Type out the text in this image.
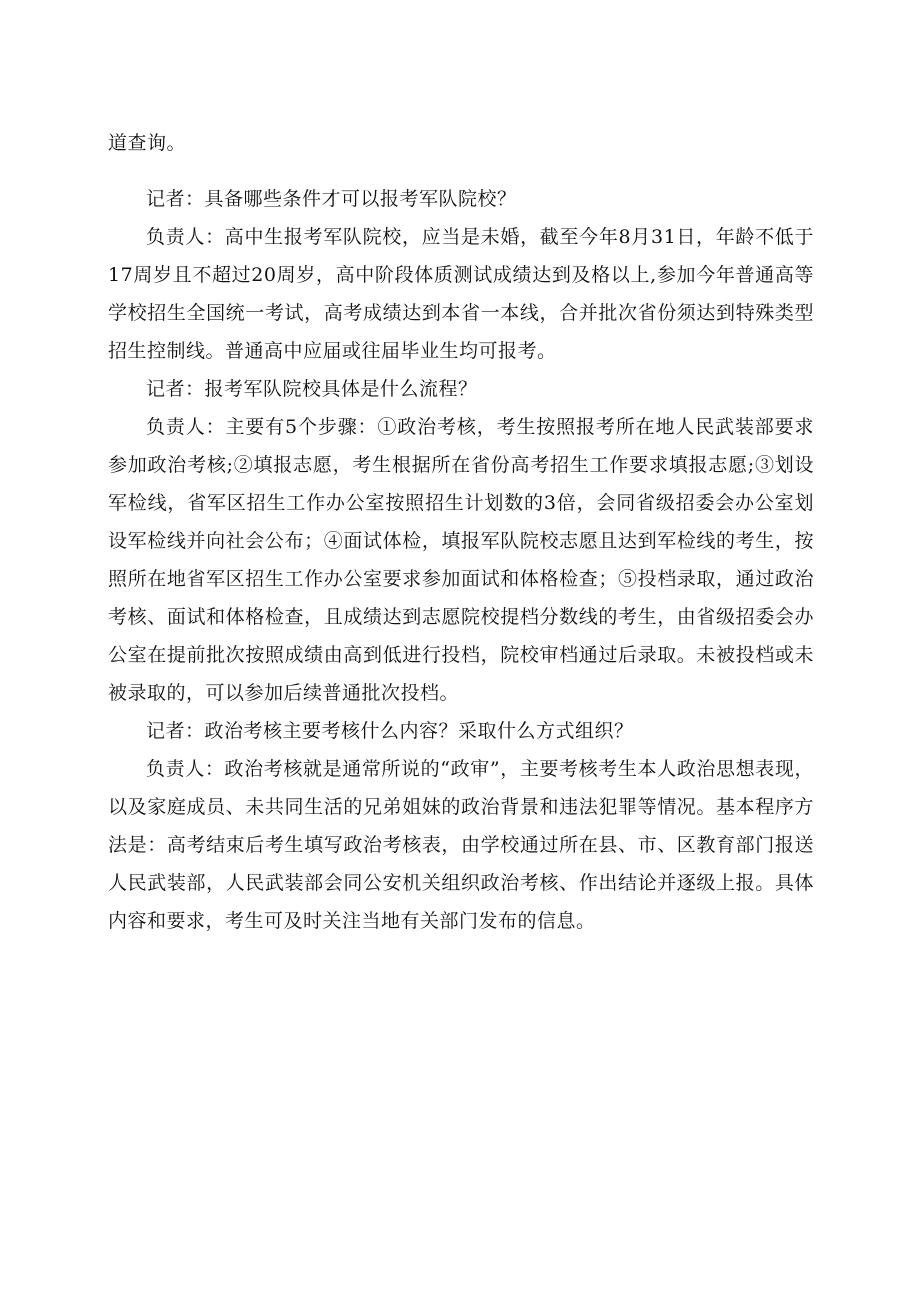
道查询。

记者：具备哪些条件才可以报考军队院校？

负责人：高中生报考军队院校，应当是未婚，截至今年8月31日，年龄不低于17周岁且不超过20周岁，高中阶段体质测试成绩达到及格以上,参加今年普通高等学校招生全国统一考试，高考成绩达到本省一本线，合并批次省份须达到特殊类型招生控制线。普通高中应届或往届毕业生均可报考。

记者：报考军队院校具体是什么流程？

负责人：主要有5个步骤：①政治考核，考生按照报考所在地人民武装部要求参加政治考核;②填报志愿，考生根据所在省份高考招生工作要求填报志愿;③划设军检线，省军区招生工作办公室按照招生计划数的3倍，会同省级招委会办公室划设军检线并向社会公布；④面试体检，填报军队院校志愿且达到军检线的考生，按照所在地省军区招生工作办公室要求参加面试和体格检查；⑤投档录取，通过政治考核、面试和体格检查，且成绩达到志愿院校提档分数线的考生，由省级招委会办公室在提前批次按照成绩由高到低进行投档，院校审档通过后录取。未被投档或未被录取的，可以参加后续普通批次投档。

记者：政治考核主要考核什么内容？采取什么方式组织？

负责人：政治考核就是通常所说的“政审”，主要考核考生本人政治思想表现，以及家庭成员、未共同生活的兄弟姐妹的政治背景和违法犯罪等情况。基本程序方法是：高考结束后考生填写政治考核表，由学校通过所在县、市、区教育部门报送人民武装部，人民武装部会同公安机关组织政治考核、作出结论并逐级上报。具体内容和要求，考生可及时关注当地有关部门发布的信息。
